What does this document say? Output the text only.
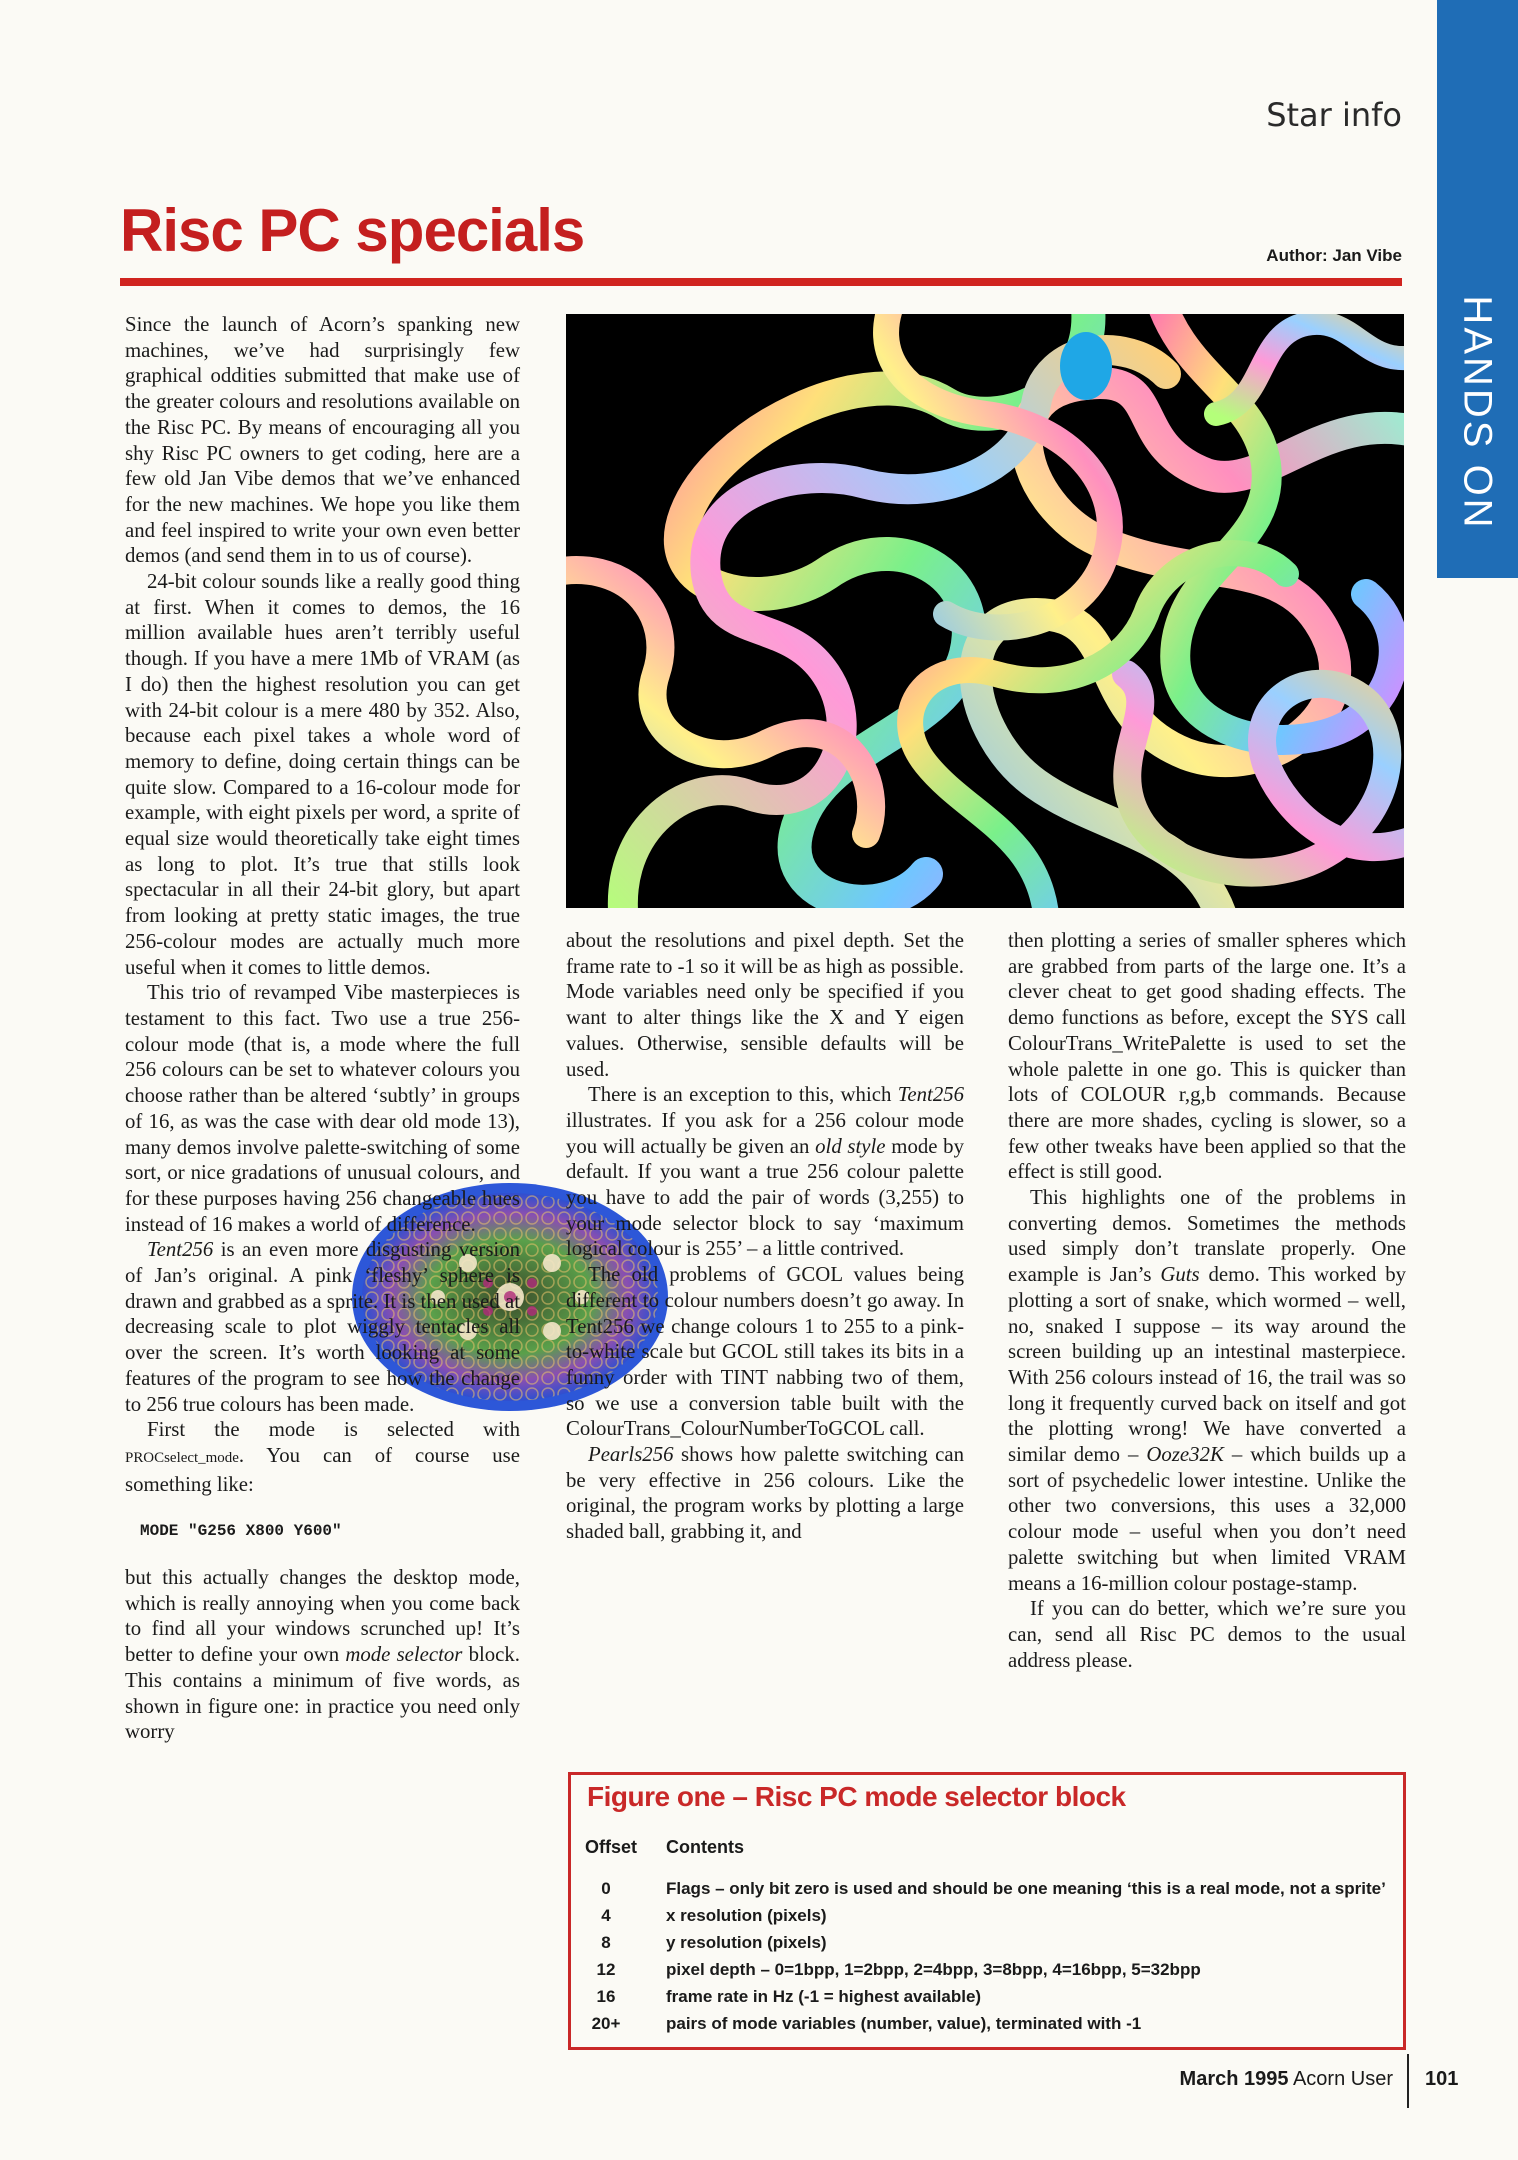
HANDS ON
Star info
Risc PC specials	Author: Jan Vibe

Since the launch of Acorn’s spanking new machines, we’ve had surprisingly few graphical oddities submitted that make use of the greater colours and resolutions available on the Risc PC. By means of encouraging all you shy Risc PC owners to get coding, here are a few old Jan Vibe demos that we’ve enhanced for the new machines. We hope you like them and feel inspired to write your own even better demos (and send them in to us of course).

24-bit colour sounds like a really good thing at first. When it comes to demos, the 16 million available hues aren’t terribly useful though. If you have a mere 1Mb of VRAM (as I do) then the highest resolution you can get with 24-bit colour is a mere 480 by 352. Also, because each pixel takes a whole word of memory to define, doing certain things can be quite slow. Compared to a 16-colour mode for example, with eight pixels per word, a sprite of equal size would theoretically take eight times as long to plot. It’s true that stills look spectacular in all their 24-bit glory, but apart from looking at pretty static images, the true 256-colour modes are actually much more useful when it comes to little demos.

This trio of revamped Vibe masterpieces is testament to this fact. Two use a true 256-colour mode (that is, a mode where the full 256 colours can be set to whatever colours you choose rather than be altered ‘subtly’ in groups of 16, as was the case with dear old mode 13), many demos involve palette-switching of some sort, or nice gradations of unusual colours, and for these purposes having 256 changeable hues instead of 16 makes a world of difference.

Tent256 is an even more disgusting version of Jan’s original. A pink ‘fleshy’ sphere is drawn and grabbed as a sprite. It is then used at decreasing scale to plot wiggly tentacles all over the screen. It’s worth looking at some features of the program to see how the change to 256 true colours has been made.

First the mode is selected with PROCselect_mode. You can of course use something like:

MODE "G256 X800 Y600"

but this actually changes the desktop mode, which is really annoying when you come back to find all your windows scrunched up! It’s better to define your own mode selector block. This contains a minimum of five words, as shown in figure one: in practice you need only worry

about the resolutions and pixel depth. Set the frame rate to -1 so it will be as high as possible. Mode variables need only be specified if you want to alter things like the X and Y eigen values. Otherwise, sensible defaults will be used.

There is an exception to this, which Tent256 illustrates. If you ask for a 256 colour mode you will actually be given an old style mode by default. If you want a true 256 colour palette you have to add the pair of words (3,255) to your mode selector block to say ‘maximum logical colour is 255’ – a little contrived.

The old problems of GCOL values being different to colour numbers doesn’t go away. In Tent256 we change colours 1 to 255 to a pink-to-white scale but GCOL still takes its bits in a funny order with TINT nabbing two of them, so we use a conversion table built with the ColourTrans_ColourNumberToGCOL call.

Pearls256 shows how palette switching can be very effective in 256 colours. Like the original, the program works by plotting a large shaded ball, grabbing it, and

then plotting a series of smaller spheres which are grabbed from parts of the large one. It’s a clever cheat to get good shading effects. The demo functions as before, except the SYS call ColourTrans_WritePalette is used to set the whole palette in one go. This is quicker than lots of COLOUR r,g,b commands. Because there are more shades, cycling is slower, so a few other tweaks have been applied so that the effect is still good.

This highlights one of the problems in converting demos. Sometimes the methods used simply don’t translate properly. One example is Jan’s Guts demo. This worked by plotting a sort of snake, which wormed – well, no, snaked I suppose – its way around the screen building up an intestinal masterpiece. With 256 colours instead of 16, the trail was so long it frequently curved back on itself and got the plotting wrong! We have converted a similar demo – Ooze32K – which builds up a sort of psychedelic lower intestine. Unlike the other two conversions, this uses a 32,000 colour mode – useful when you don’t need palette switching but when limited VRAM means a 16-million colour postage-stamp.

If you can do better, which we’re sure you can, send all Risc PC demos to the usual address please.

Figure one – Risc PC mode selector block
Offset Contents
0	Flags – only bit zero is used and should be one meaning ‘this is a real mode, not a sprite’
4	x resolution (pixels)
8	y resolution (pixels)
12	pixel depth – 0=1bpp, 1=2bpp, 2=4bpp, 3=8bpp, 4=16bpp, 5=32bpp
16	frame rate in Hz (-1 = highest available)
20+	pairs of mode variables (number, value), terminated with -1
March 1995 Acorn User 101
